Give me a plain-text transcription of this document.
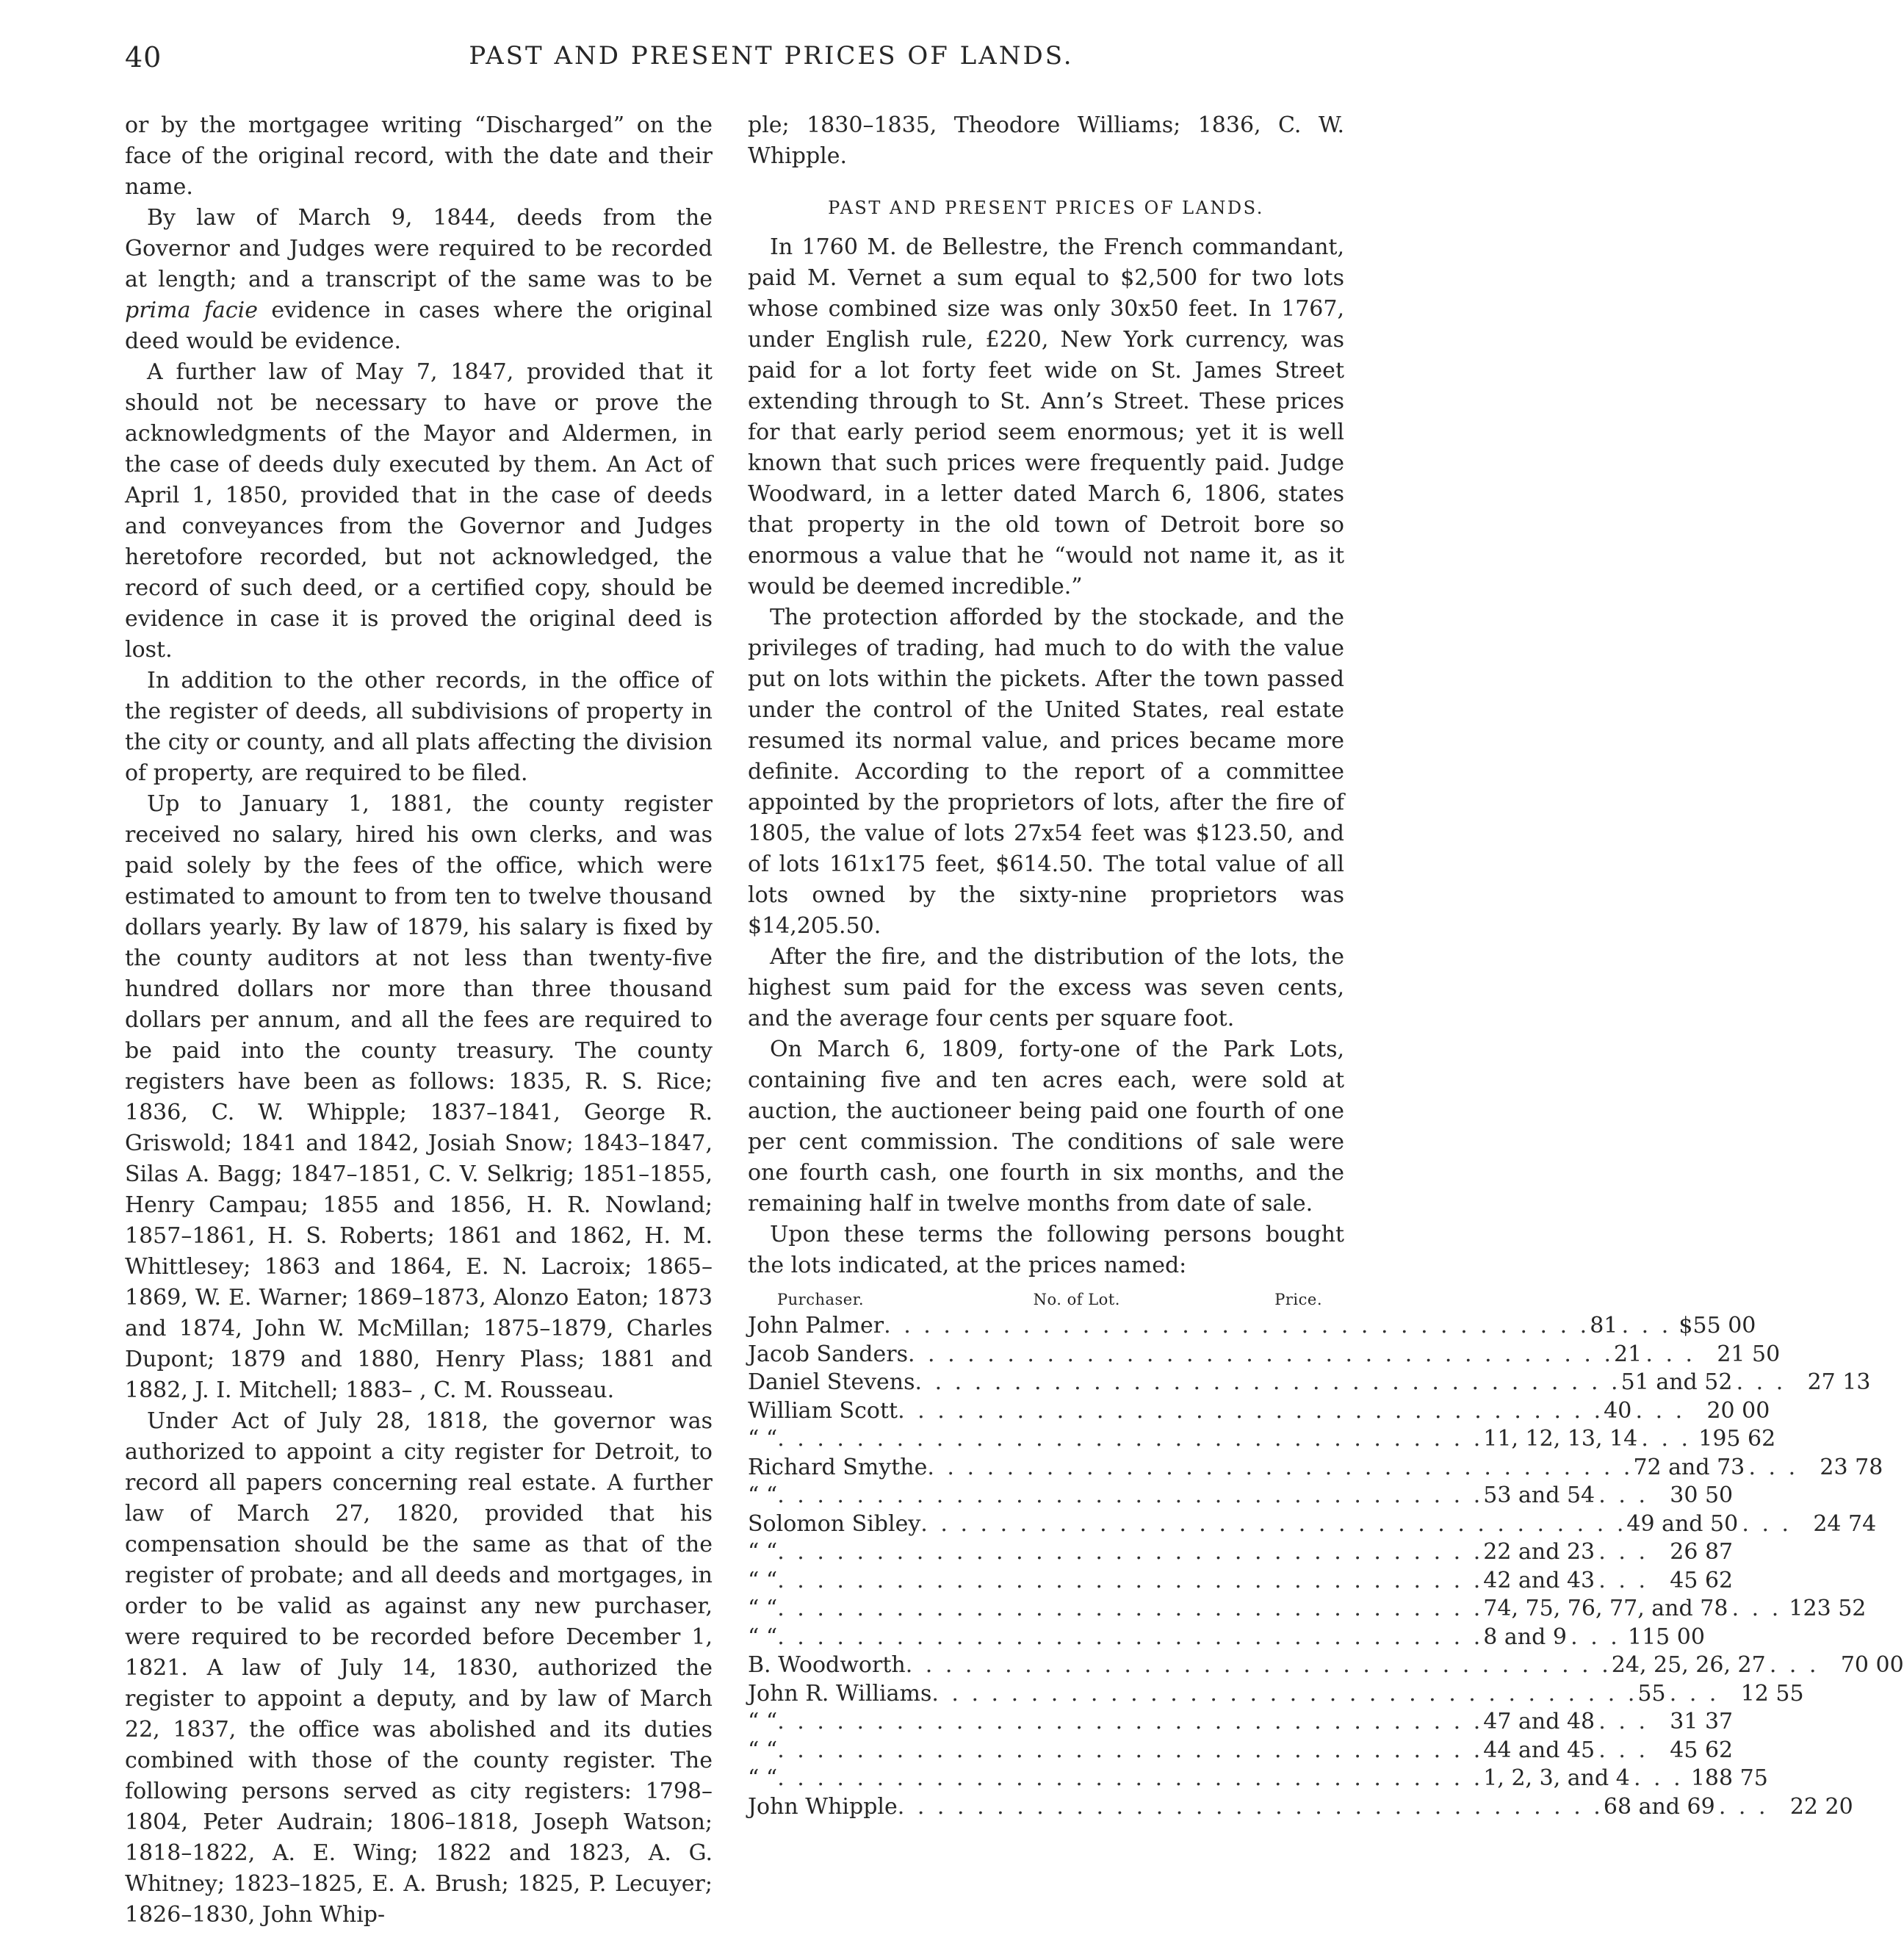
40	PAST AND PRESENT PRICES OF LANDS.

or by the mortgagee writing “Discharged” on the face of the original record, with the date and their name.

By law of March 9, 1844, deeds from the Governor and Judges were required to be recorded at length; and a transcript of the same was to be prima facie evidence in cases where the original deed would be evidence.

A further law of May 7, 1847, provided that it should not be necessary to have or prove the acknowledgments of the Mayor and Aldermen, in the case of deeds duly executed by them. An Act of April 1, 1850, provided that in the case of deeds and conveyances from the Governor and Judges heretofore recorded, but not acknowledged, the record of such deed, or a certified copy, should be evidence in case it is proved the original deed is lost.

In addition to the other records, in the office of the register of deeds, all subdivisions of property in the city or county, and all plats affecting the division of property, are required to be filed.

Up to January 1, 1881, the county register received no salary, hired his own clerks, and was paid solely by the fees of the office, which were estimated to amount to from ten to twelve thousand dollars yearly. By law of 1879, his salary is fixed by the county auditors at not less than twenty-five hundred dollars nor more than three thousand dollars per annum, and all the fees are required to be paid into the county treasury. The county registers have been as follows: 1835, R. S. Rice; 1836, C. W. Whipple; 1837–1841, George R. Griswold; 1841 and 1842, Josiah Snow; 1843–1847, Silas A. Bagg; 1847–1851, C. V. Selkrig; 1851–1855, Henry Campau; 1855 and 1856, H. R. Nowland; 1857–1861, H. S. Roberts; 1861 and 1862, H. M. Whittlesey; 1863 and 1864, E. N. Lacroix; 1865–1869, W. E. Warner; 1869–1873, Alonzo Eaton; 1873 and 1874, John W. McMillan; 1875–1879, Charles Dupont; 1879 and 1880, Henry Plass; 1881 and 1882, J. I. Mitchell; 1883– , C. M. Rousseau.

Under Act of July 28, 1818, the governor was authorized to appoint a city register for Detroit, to record all papers concerning real estate. A further law of March 27, 1820, provided that his compensation should be the same as that of the register of probate; and all deeds and mortgages, in order to be valid as against any new purchaser, were required to be recorded before December 1, 1821. A law of July 14, 1830, authorized the register to appoint a deputy, and by law of March 22, 1837, the office was abolished and its duties combined with those of the county register. The following persons served as city registers: 1798–1804, Peter Audrain; 1806–1818, Joseph Watson; 1818–1822, A. E. Wing; 1822 and 1823, A. G. Whitney; 1823–1825, E. A. Brush; 1825, P. Lecuyer; 1826–1830, John Whip-

ple; 1830–1835, Theodore Williams; 1836, C. W. Whipple.

PAST AND PRESENT PRICES OF LANDS.

In 1760 M. de Bellestre, the French commandant, paid M. Vernet a sum equal to $2,500 for two lots whose combined size was only 30x50 feet. In 1767, under English rule, £220, New York currency, was paid for a lot forty feet wide on St. James Street extending through to St. Ann’s Street. These prices for that early period seem enormous; yet it is well known that such prices were frequently paid. Judge Woodward, in a letter dated March 6, 1806, states that property in the old town of Detroit bore so enormous a value that he “would not name it, as it would be deemed incredible.”

The protection afforded by the stockade, and the privileges of trading, had much to do with the value put on lots within the pickets. After the town passed under the control of the United States, real estate resumed its normal value, and prices became more definite. According to the report of a committee appointed by the proprietors of lots, after the fire of 1805, the value of lots 27x54 feet was $123.50, and of lots 161x175 feet, $614.50. The total value of all lots owned by the sixty-nine proprietors was $14,205.50.

After the fire, and the distribution of the lots, the highest sum paid for the excess was seven cents, and the average four cents per square foot.

On March 6, 1809, forty-one of the Park Lots, containing five and ten acres each, were sold at auction, the auctioneer being paid one fourth of one per cent commission. The conditions of sale were one fourth cash, one fourth in six months, and the remaining half in twelve months from date of sale.

Upon these terms the following persons bought the lots indicated, at the prices named:

Purchaser.	No. of Lot.	Price.
John Palmer . . . . . . . . . . . . . . . . . . . . . . . . . . . . . . . . . . . . 81 . . . $55 00
Jacob Sanders . . . . . . . . . . . . . . . . . . . . . . . . . . . . . . . . . . . . 21 . . . 21 50
Daniel Stevens . . . . . . . . . . . . . . . . . . . . . . . . . . . . . . . . . . . . 51 and 52 . . . 27 13
William Scott . . . . . . . . . . . . . . . . . . . . . . . . . . . . . . . . . . . . 40 . . . 20 00
“ “ . . . . . . . . . . . . . . . . . . . . . . . . . . . . . . . . . . . . 11, 12, 13, 14 . . . 195 62
Richard Smythe . . . . . . . . . . . . . . . . . . . . . . . . . . . . . . . . . . . . 72 and 73 . . . 23 78
“ “ . . . . . . . . . . . . . . . . . . . . . . . . . . . . . . . . . . . . 53 and 54 . . . 30 50
Solomon Sibley . . . . . . . . . . . . . . . . . . . . . . . . . . . . . . . . . . . . 49 and 50 . . . 24 74
“ “ . . . . . . . . . . . . . . . . . . . . . . . . . . . . . . . . . . . . 22 and 23 . . . 26 87
“ “ . . . . . . . . . . . . . . . . . . . . . . . . . . . . . . . . . . . . 42 and 43 . . . 45 62
“ “ . . . . . . . . . . . . . . . . . . . . . . . . . . . . . . . . . . . . 74, 75, 76, 77, and 78 . . . 123 52
“ “ . . . . . . . . . . . . . . . . . . . . . . . . . . . . . . . . . . . . 8 and 9 . . . 115 00
B. Woodworth . . . . . . . . . . . . . . . . . . . . . . . . . . . . . . . . . . . . 24, 25, 26, 27 . . . 70 00
John R. Williams . . . . . . . . . . . . . . . . . . . . . . . . . . . . . . . . . . . . 55 . . . 12 55
“ “ . . . . . . . . . . . . . . . . . . . . . . . . . . . . . . . . . . . . 47 and 48 . . . 31 37
“ “ . . . . . . . . . . . . . . . . . . . . . . . . . . . . . . . . . . . . 44 and 45 . . . 45 62
“ “ . . . . . . . . . . . . . . . . . . . . . . . . . . . . . . . . . . . . 1, 2, 3, and 4 . . . 188 75
John Whipple . . . . . . . . . . . . . . . . . . . . . . . . . . . . . . . . . . . . 68 and 69 . . . 22 20
